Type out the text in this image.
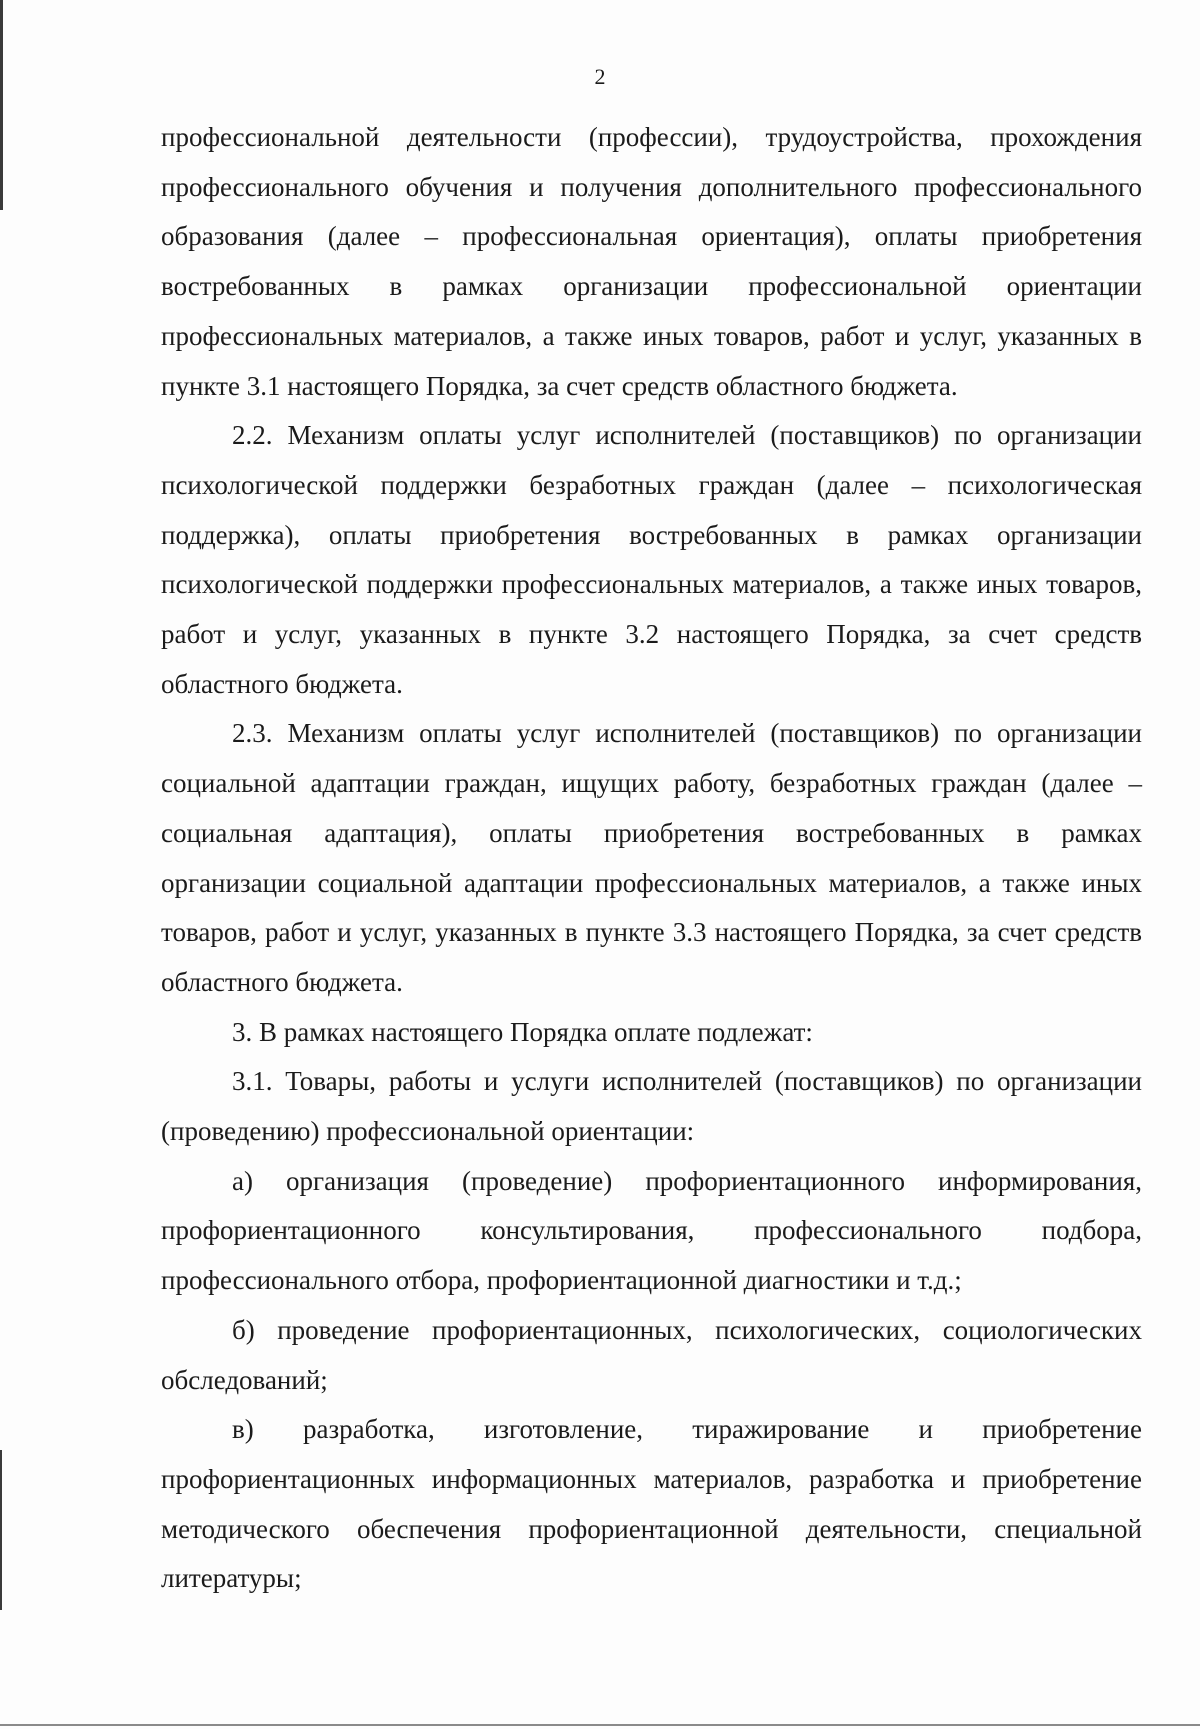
2

профессиональной деятельности (профессии), трудоустройства, прохождения профессионального обучения и получения дополнительного профессионального образования (далее – профессиональная ориентация), оплаты приобретения востребованных в рамках организации профессиональной ориентации профессиональных материалов, а также иных товаров, работ и услуг, указанных в пункте 3.1 настоящего Порядка, за счет средств областного бюджета.

2.2. Механизм оплаты услуг исполнителей (поставщиков) по организации психологической поддержки безработных граждан (далее – психологическая поддержка), оплаты приобретения востребованных в рамках организации психологической поддержки профессиональных материалов, а также иных товаров, работ и услуг, указанных в пункте 3.2 настоящего Порядка, за счет средств областного бюджета.

2.3. Механизм оплаты услуг исполнителей (поставщиков) по организации социальной адаптации граждан, ищущих работу, безработных граждан (далее – социальная адаптация), оплаты приобретения востребованных в рамках организации социальной адаптации профессиональных материалов, а также иных товаров, работ и услуг, указанных в пункте 3.3 настоящего Порядка, за счет средств областного бюджета.

3. В рамках настоящего Порядка оплате подлежат:

3.1. Товары, работы и услуги исполнителей (поставщиков) по организации (проведению) профессиональной ориентации:

а) организация (проведение) профориентационного информирования, профориентационного консультирования, профессионального подбора, профессионального отбора, профориентационной диагностики и т.д.;

б) проведение профориентационных, психологических, социологических обследований;

в) разработка, изготовление, тиражирование и приобретение профориентационных информационных материалов, разработка и приобретение методического обеспечения профориентационной деятельности, специальной литературы;
